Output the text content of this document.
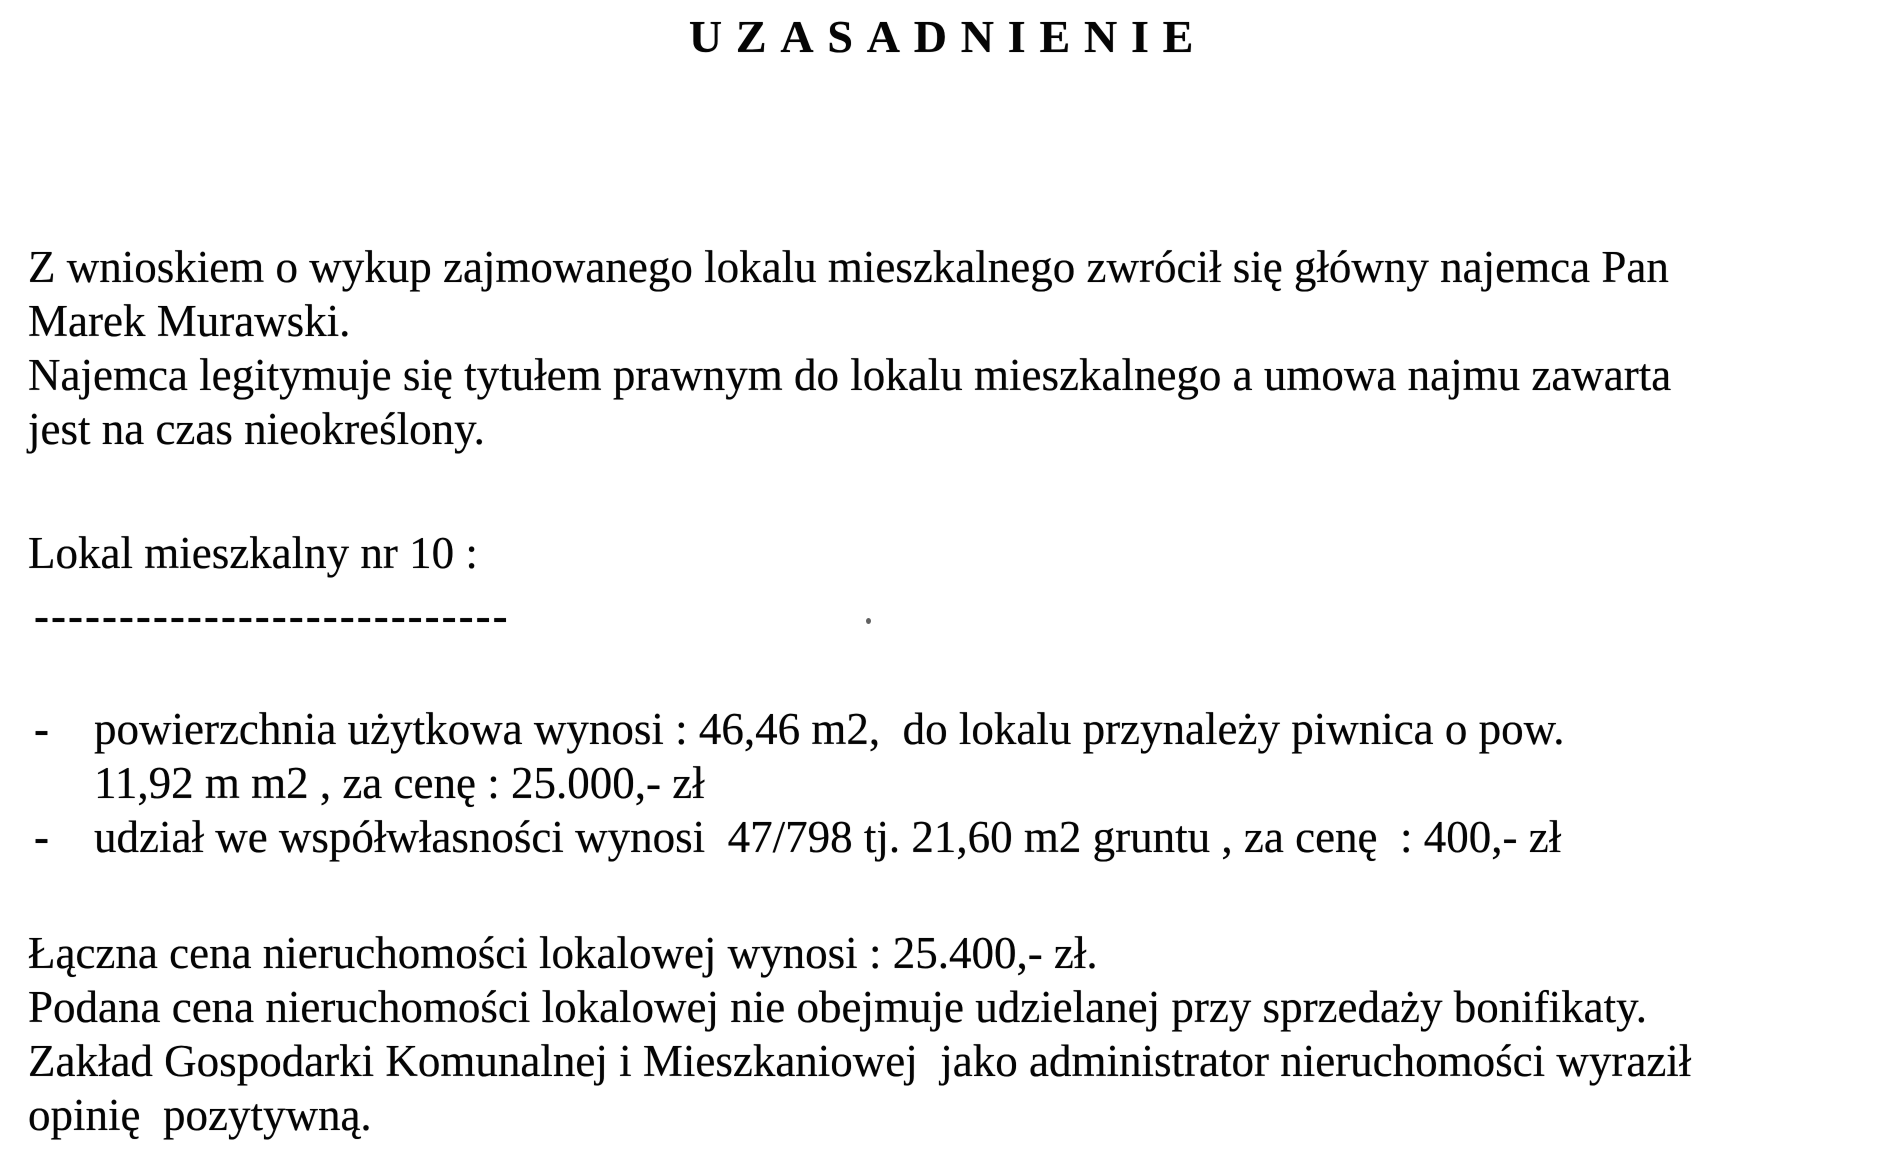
UZASADNIENIE
Z wnioskiem o wykup zajmowanego lokalu mieszkalnego zwrócił się główny najemca Pan
Marek Murawski.
Najemca legitymuje się tytułem prawnym do lokalu mieszkalnego a umowa najmu zawarta
jest na czas nieokreślony.
Lokal mieszkalny nr 10 :
----------------------------
- powierzchnia użytkowa wynosi : 46,46 m2,  do lokalu przynależy piwnica o pow.
11,92 m m2 , za cenę : 25.000,- zł
- udział we współwłasności wynosi  47/798 tj. 21,60 m2 gruntu , za cenę  : 400,- zł
Łączna cena nieruchomości lokalowej wynosi : 25.400,- zł.
Podana cena nieruchomości lokalowej nie obejmuje udzielanej przy sprzedaży bonifikaty.
Zakład Gospodarki Komunalnej i Mieszkaniowej  jako administrator nieruchomości wyraził
opinię  pozytywną.
